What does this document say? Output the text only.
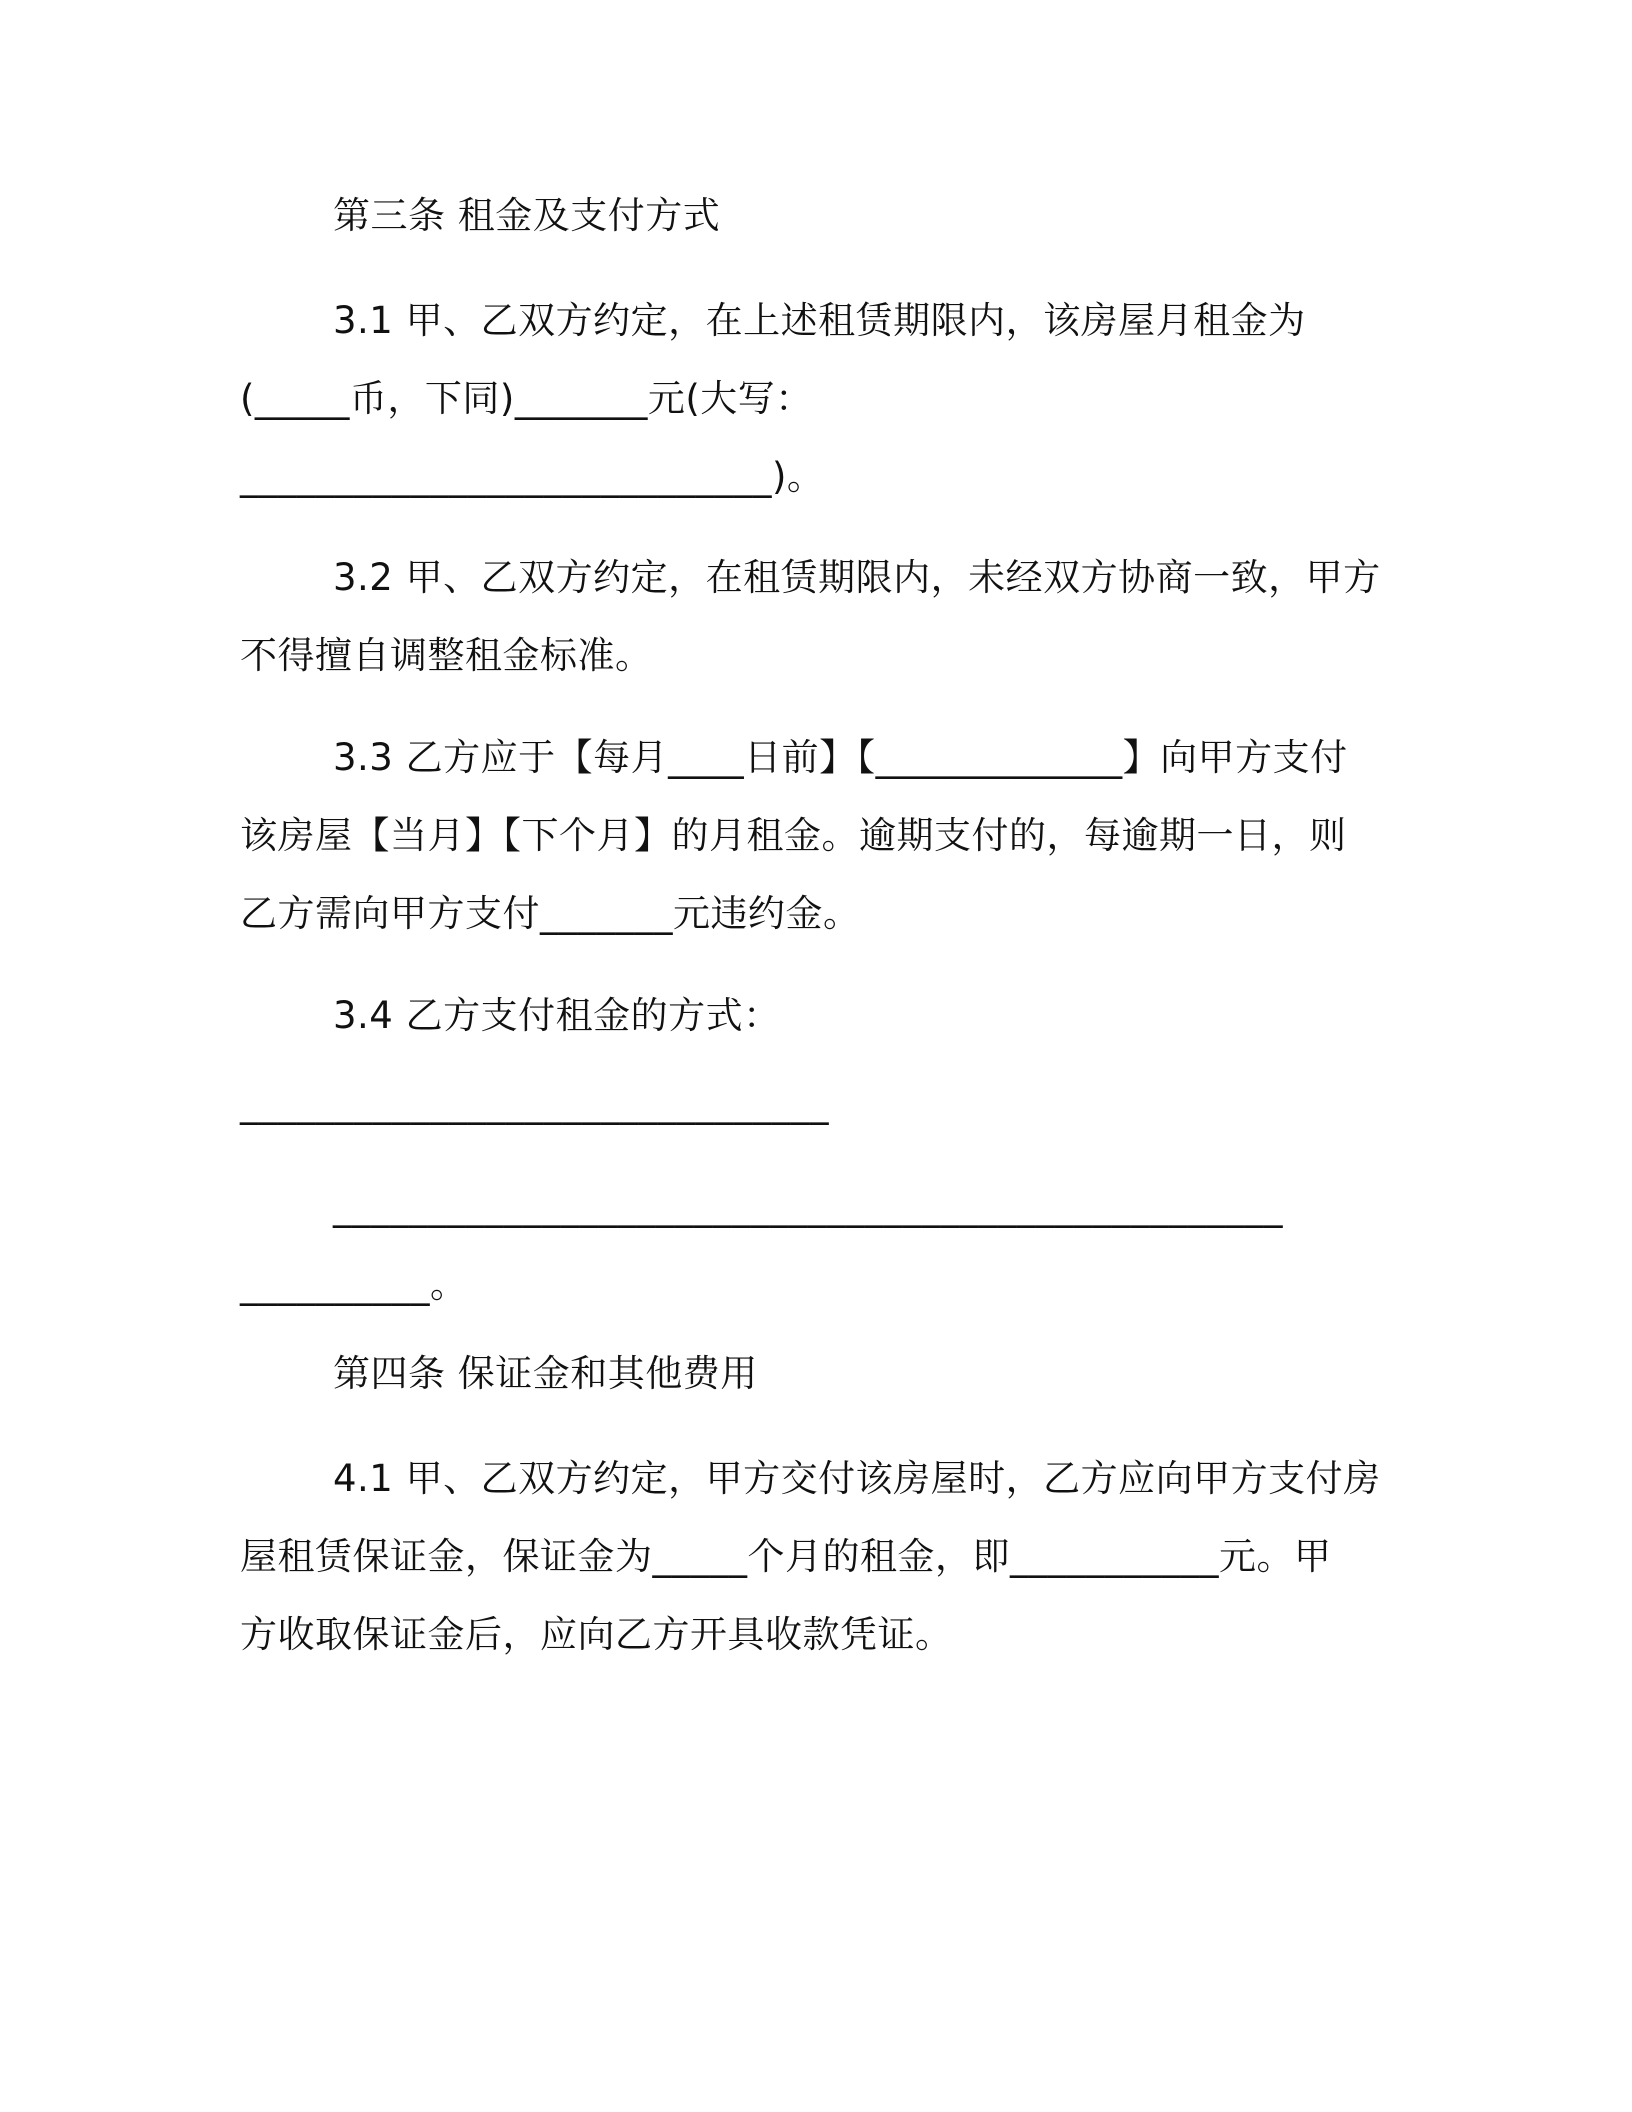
第三条 租金及支付方式
3.1 甲、乙双方约定，在上述租赁期限内，该房屋月租金为
(_____币，下同)_______元(大写：
____________________________)。
3.2 甲、乙双方约定，在租赁期限内，未经双方协商一致，甲方
不得擅自调整租金标准。
3.3 乙方应于【每月____日前】【_____________】向甲方支付
该房屋【当月】【下个月】的月租金。逾期支付的，每逾期一日，则
乙方需向甲方支付_______元违约金。
3.4 乙方支付租金的方式：
_______________________________
__________________________________________________
__________。
第四条 保证金和其他费用
4.1 甲、乙双方约定，甲方交付该房屋时，乙方应向甲方支付房
屋租赁保证金，保证金为_____个月的租金，即___________元。甲
方收取保证金后，应向乙方开具收款凭证。
